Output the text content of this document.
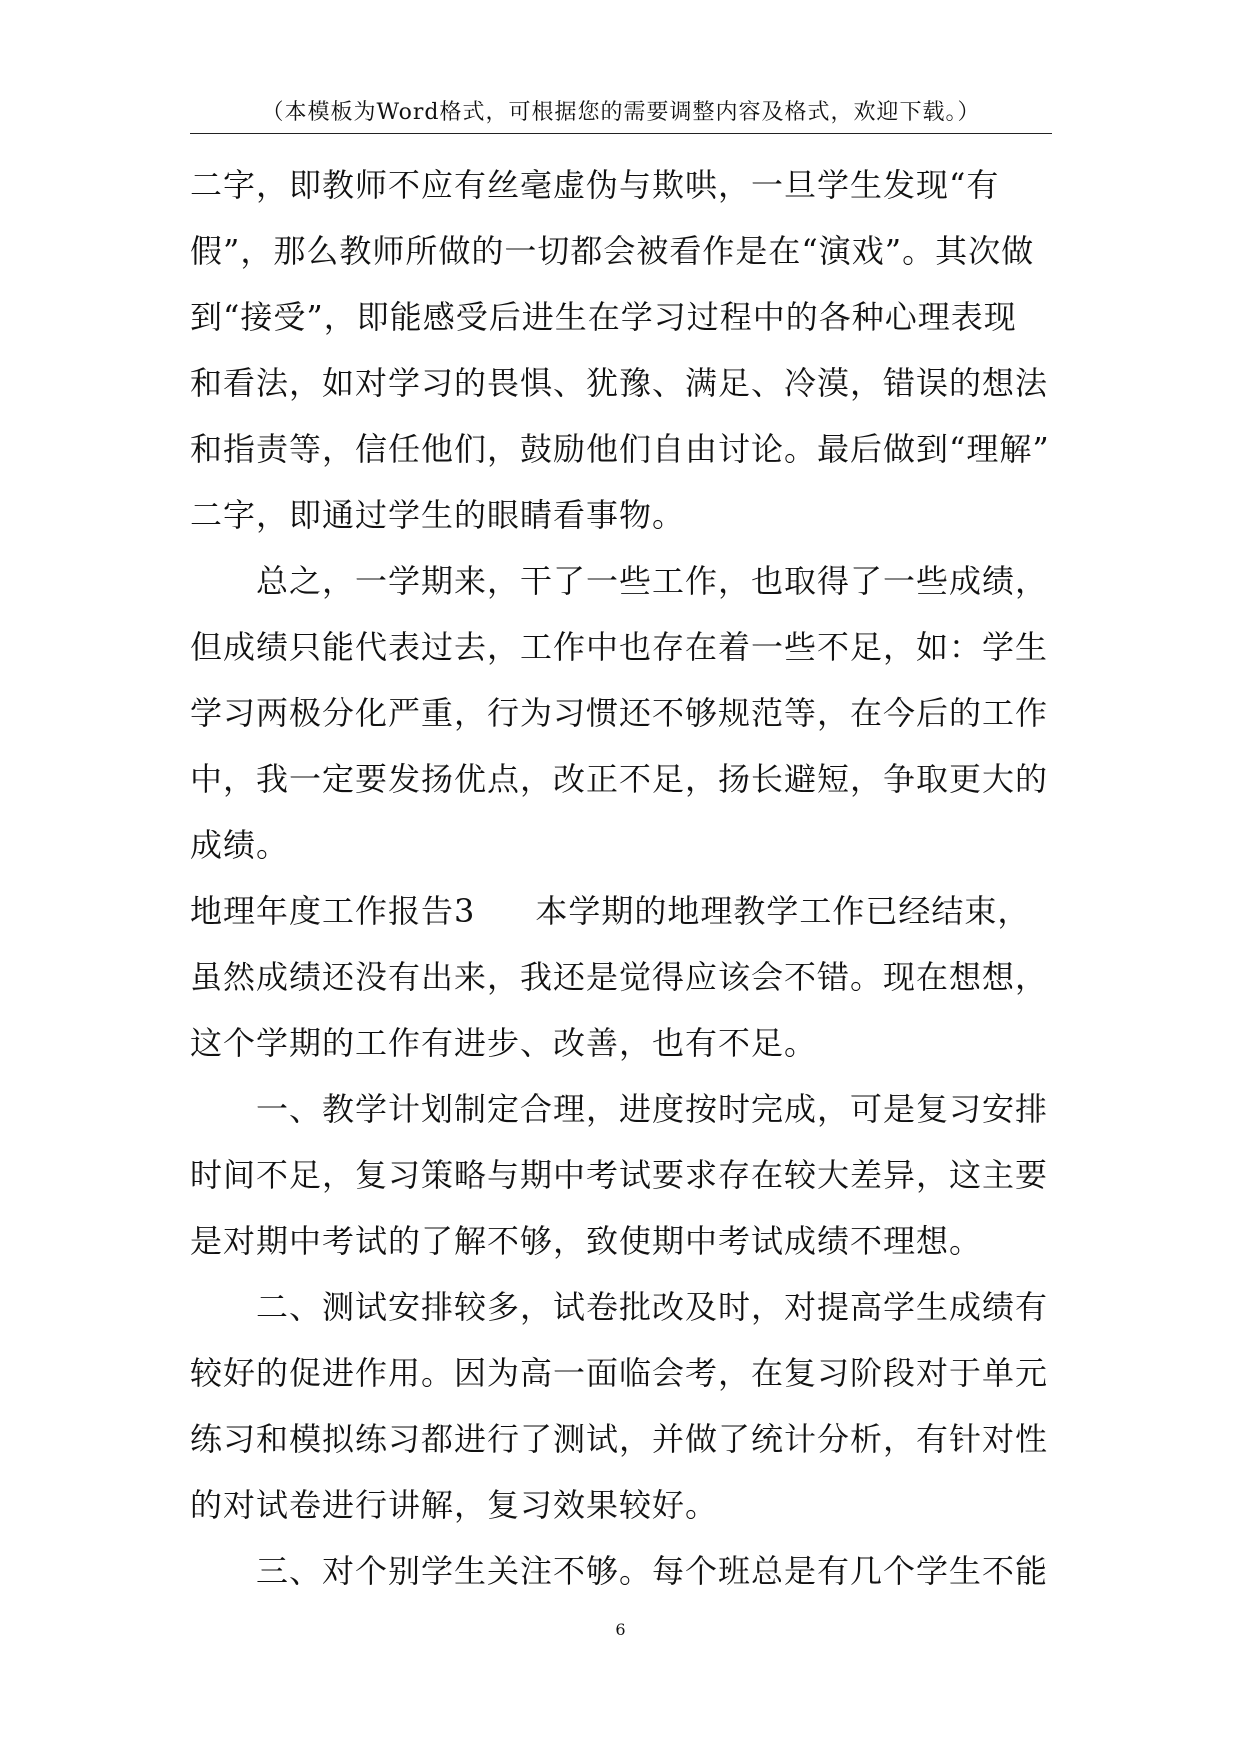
（本模板为Word格式，可根据您的需要调整内容及格式，欢迎下载。）
二字，即教师不应有丝毫虚伪与欺哄，一旦学生发现“有
假”，那么教师所做的一切都会被看作是在“演戏”。其次做
到“接受”，即能感受后进生在学习过程中的各种心理表现
和看法，如对学习的畏惧、犹豫、满足、冷漠，错误的想法
和指责等，信任他们，鼓励他们自由讨论。最后做到“理解”
二字，即通过学生的眼睛看事物。
总之，一学期来，干了一些工作，也取得了一些成绩，
但成绩只能代表过去，工作中也存在着一些不足，如：学生
学习两极分化严重，行为习惯还不够规范等，在今后的工作
中，我一定要发扬优点，改正不足，扬长避短，争取更大的
成绩。
地理年度工作报告3 本学期的地理教学工作已经结束，
虽然成绩还没有出来，我还是觉得应该会不错。现在想想，
这个学期的工作有进步、改善，也有不足。
一、教学计划制定合理，进度按时完成，可是复习安排
时间不足，复习策略与期中考试要求存在较大差异，这主要
是对期中考试的了解不够，致使期中考试成绩不理想。
二、测试安排较多，试卷批改及时，对提高学生成绩有
较好的促进作用。因为高一面临会考，在复习阶段对于单元
练习和模拟练习都进行了测试，并做了统计分析，有针对性
的对试卷进行讲解，复习效果较好。
三、对个别学生关注不够。每个班总是有几个学生不能
6
